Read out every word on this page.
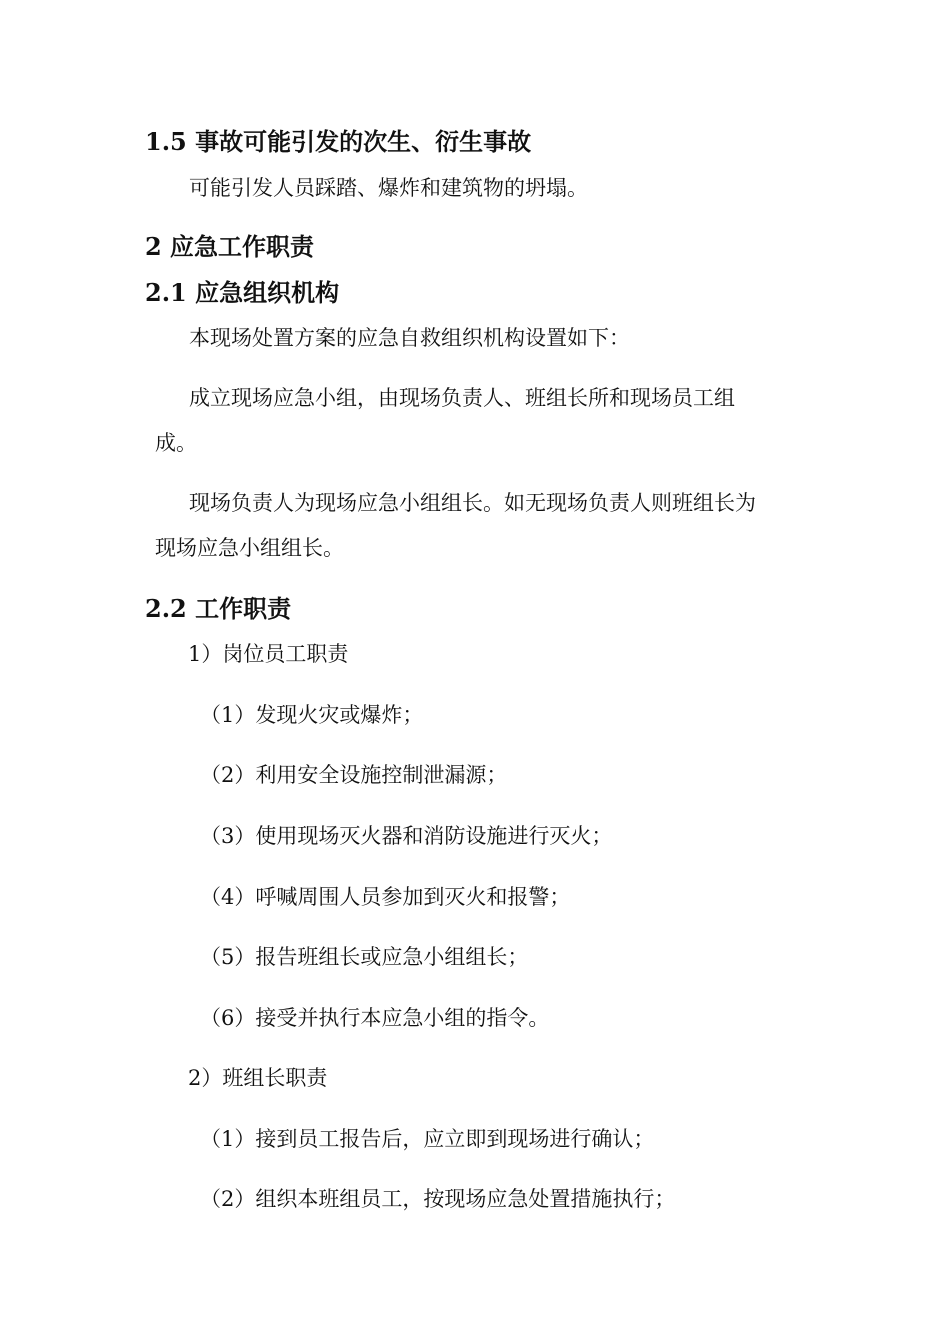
1.5 事故可能引发的次生、衍生事故
可能引发人员踩踏、爆炸和建筑物的坍塌。
2 应急工作职责
2.1 应急组织机构
本现场处置方案的应急自救组织机构设置如下：
成立现场应急小组，由现场负责人、班组长所和现场员工组
成。
现场负责人为现场应急小组组长。如无现场负责人则班组长为
现场应急小组组长。
2.2 工作职责
1）岗位员工职责
（1）发现火灾或爆炸；
（2）利用安全设施控制泄漏源；
（3）使用现场灭火器和消防设施进行灭火；
（4）呼喊周围人员参加到灭火和报警；
（5）报告班组长或应急小组组长；
（6）接受并执行本应急小组的指令。
2）班组长职责
（1）接到员工报告后，应立即到现场进行确认；
（2）组织本班组员工，按现场应急处置措施执行；
